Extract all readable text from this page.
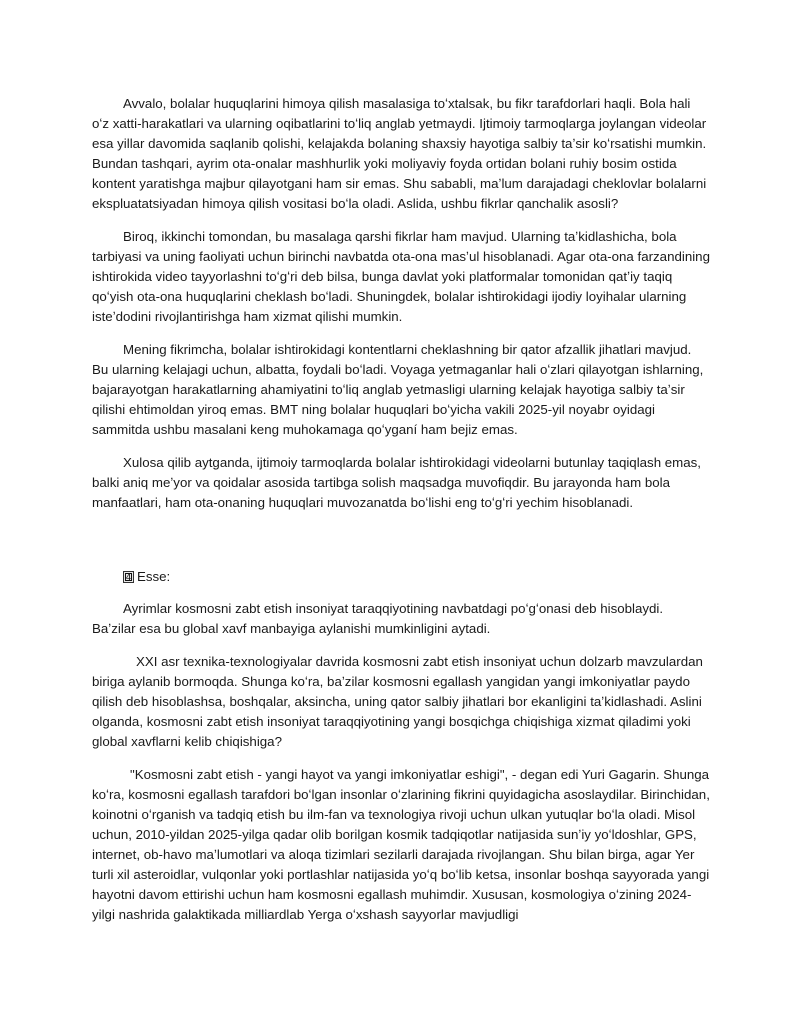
Avvalo, bolalar huquqlarini himoya qilish masalasiga toʻxtalsak, bu fikr tarafdorlari haqli. Bola hali oʻz xatti-harakatlari va ularning oqibatlarini toʻliq anglab yetmaydi. Ijtimoiy tarmoqlarga joylangan videolar esa yillar davomida saqlanib qolishi, kelajakda bolaning shaxsiy hayotiga salbiy taʼsir koʻrsatishi mumkin. Bundan tashqari, ayrim ota-onalar mashhurlik yoki moliyaviy foyda ortidan bolani ruhiy bosim ostida kontent yaratishga majbur qilayotgani ham sir emas. Shu sababli, maʼlum darajadagi cheklovlar bolalarni ekspluatatsiyadan himoya qilish vositasi boʻla oladi. Aslida, ushbu fikrlar qanchalik asosli?

Biroq, ikkinchi tomondan, bu masalaga qarshi fikrlar ham mavjud. Ularning taʼkidlashicha, bola tarbiyasi va uning faoliyati uchun birinchi navbatda ota-ona masʼul hisoblanadi. Agar ota-ona farzandining ishtirokida video tayyorlashni toʻgʻri deb bilsa, bunga davlat yoki platformalar tomonidan qatʼiy taqiq qoʻyish ota-ona huquqlarini cheklash boʻladi. Shuningdek, bolalar ishtirokidagi ijodiy loyihalar ularning isteʼdodini rivojlantirishga ham xizmat qilishi mumkin.

Mening fikrimcha, bolalar ishtirokidagi kontentlarni cheklashning bir qator afzallik jihatlari mavjud. Bu ularning kelajagi uchun, albatta, foydali boʻladi. Voyaga yetmaganlar hali oʻzlari qilayotgan ishlarning, bajarayotgan harakatlarning ahamiyatini toʻliq anglab yetmasligi ularning kelajak hayotiga salbiy taʼsir qilishi ehtimoldan yiroq emas. BMT ning bolalar huquqlari boʻyicha vakili 2025-yil noyabr oyidagi sammitda ushbu masalani keng muhokamaga qoʻyganí ham bejiz emas.

Xulosa qilib aytganda, ijtimoiy tarmoqlarda bolalar ishtirokidagi videolarni butunlay taqiqlash emas, balki aniq meʼyor va qoidalar asosida tartibga solish maqsadga muvofiqdir. Bu jarayonda ham bola manfaatlari, ham ota-onaning huquqlari muvozanatda boʻlishi eng toʻgʻri yechim hisoblanadi.

4 Esse:

Ayrimlar kosmosni zabt etish insoniyat taraqqiyotining navbatdagi poʻgʻonasi deb hisoblaydi. Baʼzilar esa bu global xavf manbayiga aylanishi mumkinligini aytadi.

XXI asr texnika-texnologiyalar davrida kosmosni zabt etish insoniyat uchun dolzarb mavzulardan biriga aylanib bormoqda. Shunga koʻra, baʼzilar kosmosni egallash yangidan yangi imkoniyatlar paydo qilish deb hisoblashsa, boshqalar, aksincha, uning qator salbiy jihatlari bor ekanligini taʼkidlashadi. Aslini olganda, kosmosni zabt etish insoniyat taraqqiyotining yangi bosqichga chiqishiga xizmat qiladimi yoki global xavflarni kelib chiqishiga?

"Kosmosni zabt etish - yangi hayot va yangi imkoniyatlar eshigi", - degan edi Yuri Gagarin. Shunga koʻra, kosmosni egallash tarafdori boʻlgan insonlar oʻzlarining fikrini quyidagicha asoslaydilar. Birinchidan, koinotni oʻrganish va tadqiq etish bu ilm-fan va texnologiya rivoji uchun ulkan yutuqlar boʻla oladi. Misol uchun, 2010-yildan 2025-yilga qadar olib borilgan kosmik tadqiqotlar natijasida sunʼiy yoʻldoshlar, GPS, internet, ob-havo maʼlumotlari va aloqa tizimlari sezilarli darajada rivojlangan. Shu bilan birga, agar Yer turli xil asteroidlar, vulqonlar yoki portlashlar natijasida yoʻq boʻlib ketsa, insonlar boshqa sayyorada yangi hayotni davom ettirishi uchun ham kosmosni egallash muhimdir. Xususan, kosmologiya oʻzining 2024-yilgi nashrida galaktikada milliardlab Yerga oʻxshash sayyorlar mavjudligi
